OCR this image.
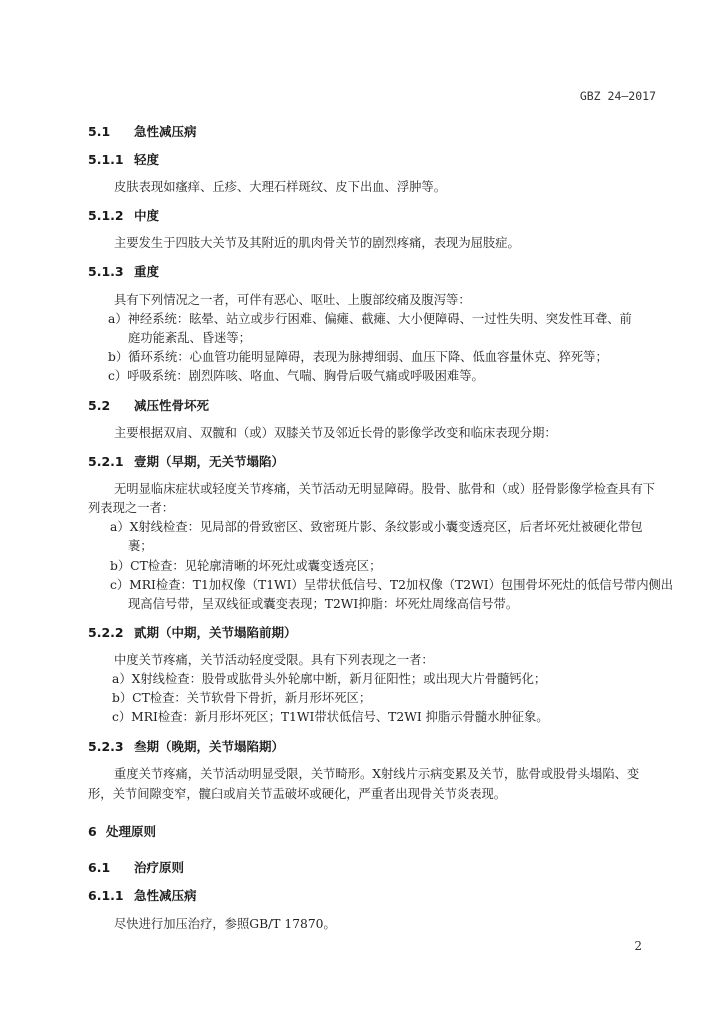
GBZ 24—2017
5.1 急性减压病
5.1.1 轻度
皮肤表现如瘙痒、丘疹、大理石样斑纹、皮下出血、浮肿等。
5.1.2 中度
主要发生于四肢大关节及其附近的肌肉骨关节的剧烈疼痛，表现为屈肢症。
5.1.3 重度
具有下列情况之一者，可伴有恶心、呕吐、上腹部绞痛及腹泻等：
a）神经系统：眩晕、站立或步行困难、偏瘫、截瘫、大小便障碍、一过性失明、突发性耳聋、前
庭功能紊乱、昏迷等；
b）循环系统：心血管功能明显障碍，表现为脉搏细弱、血压下降、低血容量休克、猝死等；
c）呼吸系统：剧烈阵咳、咯血、气喘、胸骨后吸气痛或呼吸困难等。
5.2 减压性骨坏死
主要根据双肩、双髋和（或）双膝关节及邻近长骨的影像学改变和临床表现分期：
5.2.1 壹期（早期，无关节塌陷）
无明显临床症状或轻度关节疼痛，关节活动无明显障碍。股骨、肱骨和（或）胫骨影像学检查具有下
列表现之一者：
a）X射线检查：见局部的骨致密区、致密斑片影、条纹影或小囊变透亮区，后者坏死灶被硬化带包
裹；
b）CT检查：见轮廓清晰的坏死灶或囊变透亮区；
c）MRI检查：T1加权像（T1WI）呈带状低信号、T2加权像（T2WI）包围骨坏死灶的低信号带内侧出
现高信号带，呈双线征或囊变表现；T2WI抑脂：坏死灶周缘高信号带。
5.2.2 贰期（中期，关节塌陷前期）
中度关节疼痛，关节活动轻度受限。具有下列表现之一者：
a）X射线检查：股骨或肱骨头外轮廓中断，新月征阳性；或出现大片骨髓钙化；
b）CT检查：关节软骨下骨折，新月形坏死区；
c）MRI检查：新月形坏死区；T1WI带状低信号、T2WI 抑脂示骨髓水肿征象。
5.2.3 叁期（晚期，关节塌陷期）
重度关节疼痛，关节活动明显受限，关节畸形。X射线片示病变累及关节，肱骨或股骨头塌陷、变
形，关节间隙变窄，髋臼或肩关节盂破坏或硬化，严重者出现骨关节炎表现。
6 处理原则
6.1 治疗原则
6.1.1 急性减压病
尽快进行加压治疗，参照GB/T 17870。
2
